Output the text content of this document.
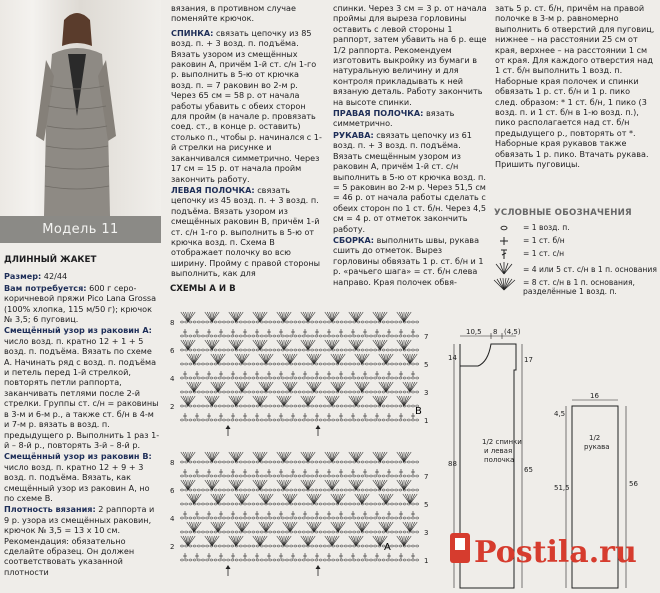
Модель 11

ДЛИННЫЙ ЖАКЕТ

Размер: 42/44

Вам потребуется: 600 г серо-коричневой пряжи Pico Lana Grossa (100% хлопка, 115 м/50 г); крючок № 3,5; 6 пуговиц.

Смещённый узор из раковин А: число возд. п. кратно 12 + 1 + 5 возд. п. подъёма. Вязать по схеме А. Начинать ряд с возд. п. подъёма и петель перед 1-й стрелкой, повторять петли раппорта, заканчивать петлями после 2-й стрелки. Группы ст. с/н = раковины в 3-м и 6-м р., а также ст. б/н в 4-м и 7-м р. вязать в возд. п. предыдущего р. Выполнить 1 раз 1-й – 8-й р., повторять 3-й – 8-й р.

Смещённый узор из раковин В: число возд. п. кратно 12 + 9 + 3 возд. п. подъёма. Вязать, как смещённый узор из раковин А, но по схеме В.

Плотность вязания: 2 раппорта и 9 р. узора из смещённых раковин, крючок № 3,5 = 13 x 10 см. Рекомендация: обязательно сделайте образец. Он должен соответствовать указанной плотности

вязания, в противном случае поменяйте крючок.

СПИНКА: связать цепочку из 85 возд. п. + 3 возд. п. подъёма. Вязать узором из смещённых раковин А, причём 1-й ст. с/н 1-го р. выполнить в 5-ю от крючка возд. п. = 7 раковин во 2-м р. Через 65 см = 58 р. от начала работы убавить с обеих сторон для пройм (в начале р. провязать соед. ст., в конце р. оставить) столько п., чтобы р. начинался с 1-й стрелки на рисунке и заканчивался симметрично. Через 17 см = 15 р. от начала пройм закончить работу.

ЛЕВАЯ ПОЛОЧКА: связать цепочку из 45 возд. п. + 3 возд. п. подъёма. Вязать узором из смещённых раковин В, причём 1-й ст. с/н 1-го р. выполнить в 5-ю от крючка возд. п. Схема В отображает полочку во всю ширину. Пройму с правой стороны выполнить, как для

спинки. Через 3 см = 3 р. от начала проймы для выреза горловины оставить с левой стороны 1 раппорт, затем убавить на 6 р. еще 1/2 раппорта. Рекомендуем изготовить выкройку из бумаги в натуральную величину и для контроля прикладывать к ней вязаную деталь. Работу закончить на высоте спинки.

ПРАВАЯ ПОЛОЧКА: вязать симметрично.

РУКАВА: связать цепочку из 61 возд. п. + 3 возд. п. подъёма. Вязать смещённым узором из раковин А, причём 1-й ст. с/н выполнить в 5-ю от крючка возд. п. = 5 раковин во 2-м р. Через 51,5 см = 46 р. от начала работы сделать с обеих сторон по 1 ст. б/н. Через 4,5 см = 4 р. от отметок закончить работу.

СБОРКА: выполнить швы, рукава сшить до отметок. Вырез горловины обвязать 1 р. ст. б/н и 1 р. «рачьего шага» = ст. б/н слева направо. Края полочек обвя-

зать 5 р. ст. б/н, причём на правой полочке в 3-м р. равномерно выполнить 6 отверстий для пуговиц, нижнее – на расстоянии 25 см от края, верхнее – на расстоянии 1 см от края. Для каждого отверстия над 1 ст. б/н выполнить 1 возд. п. Наборные края полочек и спинки обвязать 1 р. ст. б/н и 1 р. пико след. образом: * 1 ст. б/н, 1 пико (3 возд. п. и 1 ст. б/н в 1-ю возд. п.), пико располагается над ст. б/н предыдущего р., повторять от *. Наборные края рукавов также обвязать 1 р. пико. Втачать рукава. Пришить пуговицы.

УСЛОВНЫЕ ОБОЗНАЧЕНИЯ
= 1 возд. п.
= 1 ст. б/н
= 1 ст. с/н
= 4 или 5 ст. с/н в 1 п. основания
= 8 ст. с/н в 1 п. основания, разделённые 1 возд. п.
СХЕМЫ А И В
8
6
4
2
7
5
3
1
8
6
4
2
7
5
3
1
B
A
10,5 8 (4,5)
14
88
17
65
1/2 спинки
и левая
полочка
16
4,5
51,5	56
1/2
рукава
Postila.ru
